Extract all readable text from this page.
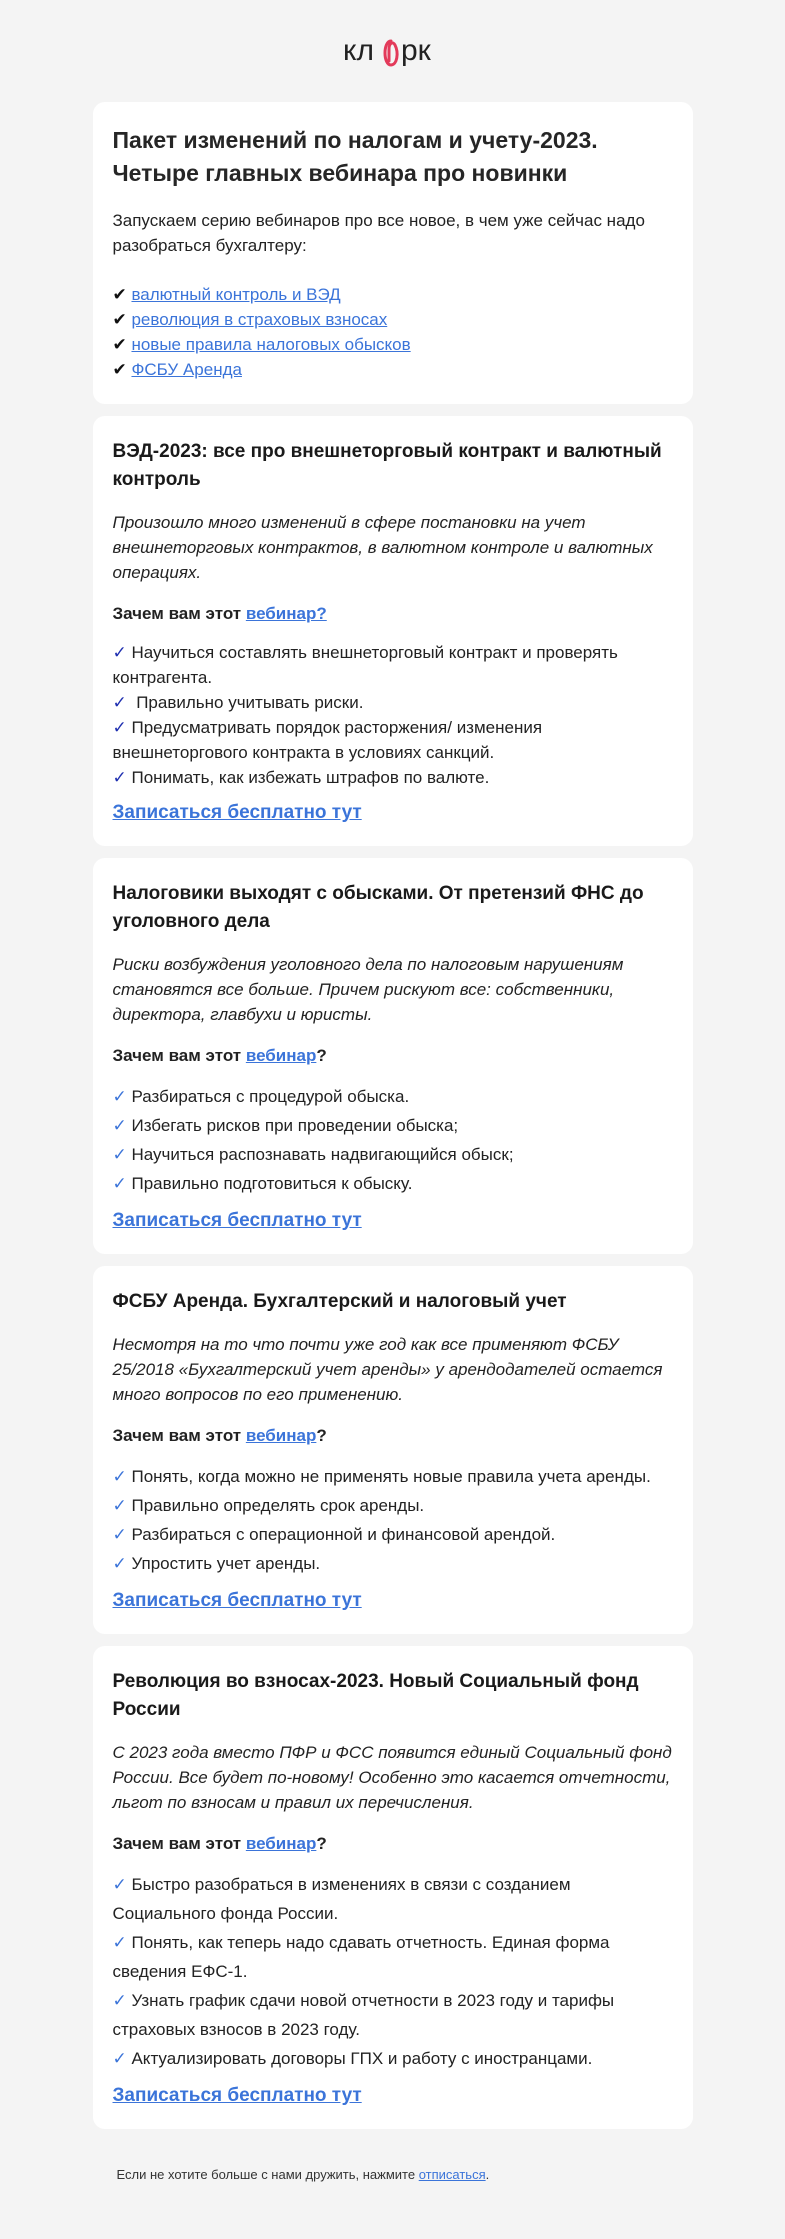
кл рк
Пакет изменений по налогам и учету-2023. Четыре главных вебинара про новинки

Запускаем серию вебинаров про все новое, в чем уже сейчас надо разобраться бухгалтеру:

✔ валютный контроль и ВЭД
✔ революция в страховых взносах
✔ новые правила налоговых обысков
✔ ФСБУ Аренда
ВЭД-2023: все про внешнеторговый контракт и валютный контроль

Произошло много изменений в сфере постановки на учет внешнеторговых контрактов, в валютном контроле и валютных операциях.

Зачем вам этот вебинар?
✓ Научиться составлять внешнеторговый контракт и проверять контрагента.
✓  Правильно учитывать риски.
✓ Предусматривать порядок расторжения/ изменения внешнеторгового контракта в условиях санкций.
✓ Понимать, как избежать штрафов по валюте.
Записаться бесплатно тут
Налоговики выходят с обысками. От претензий ФНС до уголовного дела

Риски возбуждения уголовного дела по налоговым нарушениям становятся все больше. Причем рискуют все: собственники, директора, главбухи и юристы.

Зачем вам этот вебинар?
✓ Разбираться с процедурой обыска.
✓ Избегать рисков при проведении обыска;
✓ Научиться распознавать надвигающийся обыск;
✓ Правильно подготовиться к обыску.
Записаться бесплатно тут
ФСБУ Аренда. Бухгалтерский и налоговый учет

Несмотря на то что почти уже год как все применяют ФСБУ 25/2018 «Бухгалтерский учет аренды» у арендодателей остается много вопросов по его применению.

Зачем вам этот вебинар?
✓ Понять, когда можно не применять новые правила учета аренды.
✓ Правильно определять срок аренды.
✓ Разбираться с операционной и финансовой арендой.
✓ Упростить учет аренды.
Записаться бесплатно тут
Революция во взносах-2023. Новый Социальный фонд России

С 2023 года вместо ПФР и ФСС появится единый Социальный фонд России. Все будет по-новому! Особенно это касается отчетности, льгот по взносам и правил их перечисления.

Зачем вам этот вебинар?
✓ Быстро разобраться в изменениях в связи с созданием Социального фонда России.
✓ Понять, как теперь надо сдавать отчетность. Единая форма сведения ЕФС-1.
✓ Узнать график сдачи новой отчетности в 2023 году и тарифы страховых взносов в 2023 году.
✓ Актуализировать договоры ГПХ и работу с иностранцами.
Записаться бесплатно тут
Если не хотите больше с нами дружить, нажмите отписаться.
